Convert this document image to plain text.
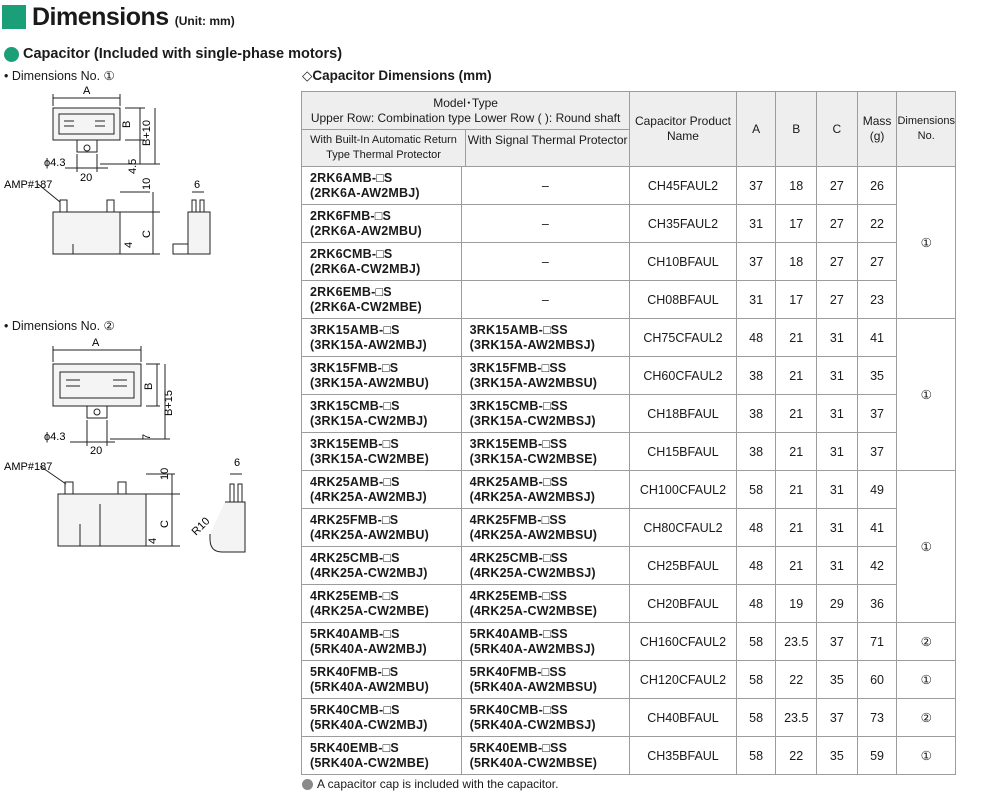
Dimensions (Unit: mm)
Capacitor (Included with single-phase motors)
• Dimensions No. ①
A
B B+10
ϕ4.3
20
4.5
AMP#187	10
C
4
6
• Dimensions No. ②
A
B
B+15
ϕ4.3
20
7
AMP#187
10
C
4
6
R10
◇Capacitor Dimensions (mm)
Model･Type
Upper Row: Combination type Lower Row ( ): Round shaft
With Built-In Automatic Return Type Thermal Protector
With Signal Thermal Protector		Capacitor Product Name	A	B	C	Mass (g)	Dimensions No.

2RK6AMB-□S
(2RK6A-AW2MBJ)	–	CH45FAUL2	37	18	27	26	①

2RK6FMB-□S
(2RK6A-AW2MBU)	–	CH35FAUL2	31	17	27	22	

2RK6CMB-□S
(2RK6A-CW2MBJ)	–	CH10BFAUL	37	18	27	27	

2RK6EMB-□S
(2RK6A-CW2MBE)	–	CH08BFAUL	31	17	27	23	

3RK15AMB-□S
(3RK15A-AW2MBJ)	3RK15AMB-□SS
(3RK15A-AW2MBSJ)	CH75CFAUL2	48	21	31	41	①

3RK15FMB-□S
(3RK15A-AW2MBU)	3RK15FMB-□SS
(3RK15A-AW2MBSU)	CH60CFAUL2	38	21	31	35	

3RK15CMB-□S
(3RK15A-CW2MBJ)	3RK15CMB-□SS
(3RK15A-CW2MBSJ)	CH18BFAUL	38	21	31	37	

3RK15EMB-□S
(3RK15A-CW2MBE)	3RK15EMB-□SS
(3RK15A-CW2MBSE)	CH15BFAUL	38	21	31	37	

4RK25AMB-□S
(4RK25A-AW2MBJ)	4RK25AMB-□SS
(4RK25A-AW2MBSJ)	CH100CFAUL2	58	21	31	49	①

4RK25FMB-□S
(4RK25A-AW2MBU)	4RK25FMB-□SS
(4RK25A-AW2MBSU)	CH80CFAUL2	48	21	31	41	

4RK25CMB-□S
(4RK25A-CW2MBJ)	4RK25CMB-□SS
(4RK25A-CW2MBSJ)	CH25BFAUL	48	21	31	42	

4RK25EMB-□S
(4RK25A-CW2MBE)	4RK25EMB-□SS
(4RK25A-CW2MBSE)	CH20BFAUL	48	19	29	36	

5RK40AMB-□S
(5RK40A-AW2MBJ)	5RK40AMB-□SS
(5RK40A-AW2MBSJ)	CH160CFAUL2	58	23.5	37	71	②

5RK40FMB-□S
(5RK40A-AW2MBU)	5RK40FMB-□SS
(5RK40A-AW2MBSU)	CH120CFAUL2	58	22	35	60	①

5RK40CMB-□S
(5RK40A-CW2MBJ)	5RK40CMB-□SS
(5RK40A-CW2MBSJ)	CH40BFAUL	58	23.5	37	73	②

5RK40EMB-□S
(5RK40A-CW2MBE)	5RK40EMB-□SS
(5RK40A-CW2MBSE)	CH35BFAUL	58	22	35	59	①
A capacitor cap is included with the capacitor.
